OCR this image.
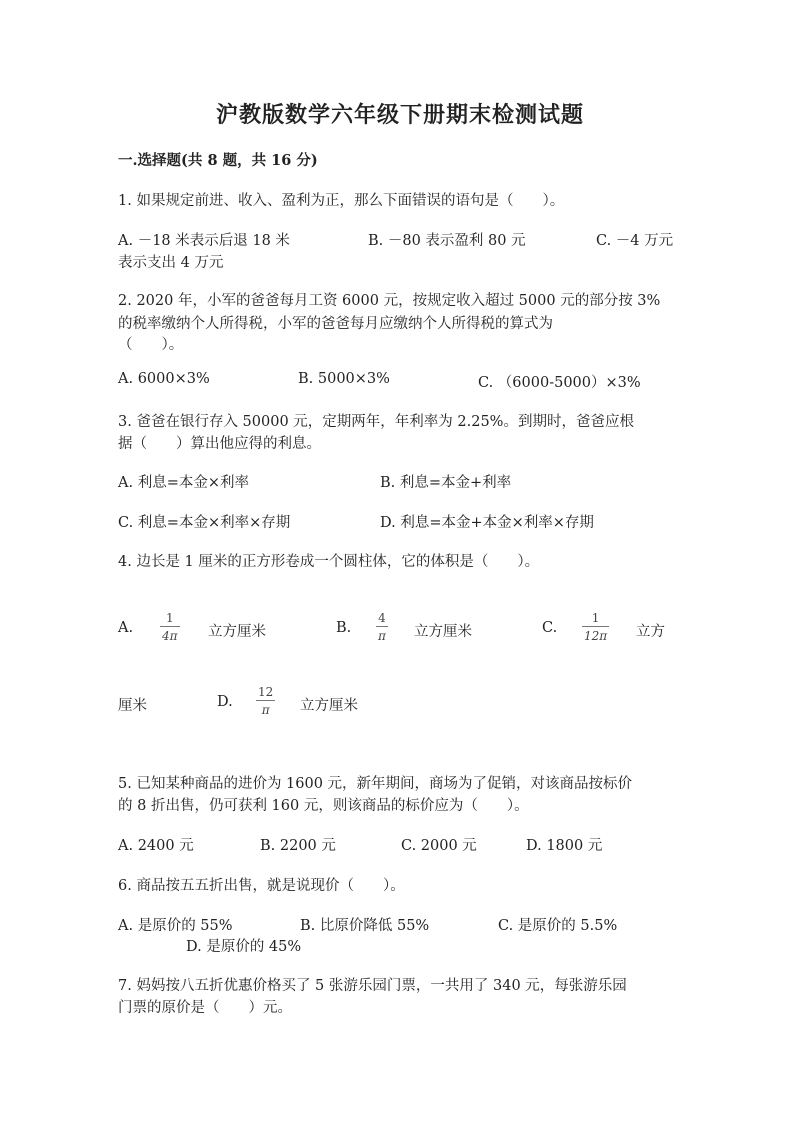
沪教版数学六年级下册期末检测试题
一.选择题(共 8 题，共 16 分)
1. 如果规定前进、收入、盈利为正，那么下面错误的语句是（　　）。
A. －18 米表示后退 18 米	B. －80 表示盈利 80 元	C. －4 万元
表示支出 4 万元
2. 2020 年，小军的爸爸每月工资 6000 元，按规定收入超过 5000 元的部分按 3%
的税率缴纳个人所得税，小军的爸爸每月应缴纳个人所得税的算式为
（　　）。
A. 6000×3%	B. 5000×3%	C. （6000-5000）×3%
3. 爸爸在银行存入 50000 元，定期两年，年利率为 2.25%。到期时，爸爸应根
据（　　）算出他应得的利息。
A. 利息=本金×利率	B. 利息=本金+利率
C. 利息=本金×利率×存期	D. 利息=本金+本金×利率×存期
4. 边长是 1 厘米的正方形卷成一个圆柱体，它的体积是（　　）。
A.
1
4π 立方厘米	B.
4
π 立方厘米	C.
1
12π 立方
厘米	D.
12
π 立方厘米
5. 已知某种商品的进价为 1600 元，新年期间，商场为了促销，对该商品按标价
的 8 折出售，仍可获利 160 元，则该商品的标价应为（　　）。
A. 2400 元	B. 2200 元	C. 2000 元	D. 1800 元
6. 商品按五五折出售，就是说现价（　　）。
A. 是原价的 55%	B. 比原价降低 55%	C. 是原价的 5.5%
D. 是原价的 45%
7. 妈妈按八五折优惠价格买了 5 张游乐园门票，一共用了 340 元，每张游乐园
门票的原价是（　　）元。
